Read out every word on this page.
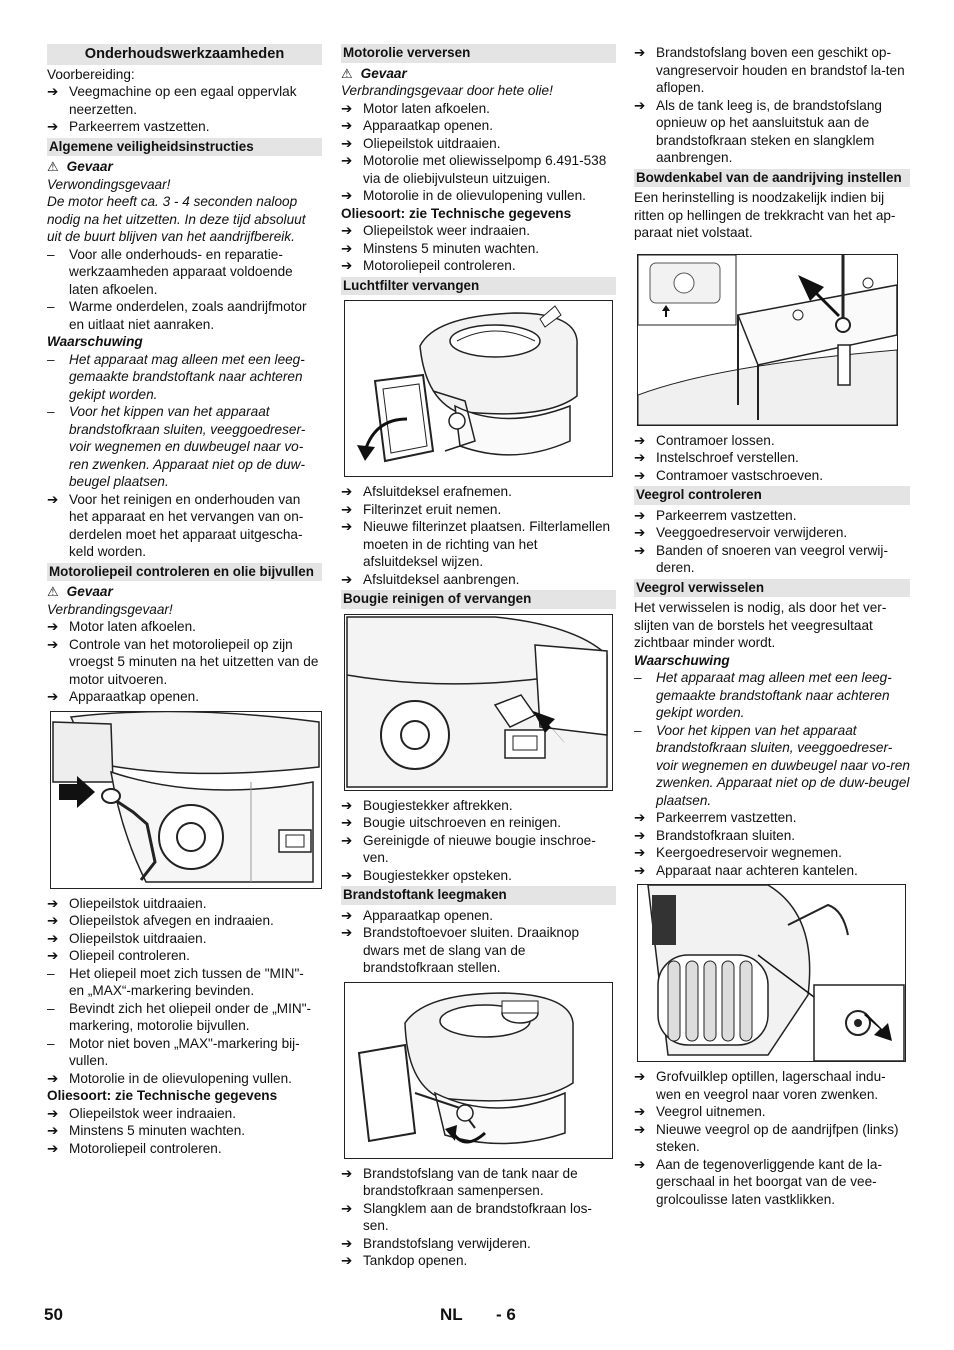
Onderhoudswerkzaamheden

Voorbereiding:

➔ Veegmachine op een egaal oppervlak neerzetten.
➔ Parkeerrem vastzetten.
Algemene veiligheidsinstructies
⚠ Gevaar
Verwondingsgevaar!
De motor heeft ca. 3 - 4 seconden naloop nodig na het uitzetten. In deze tijd absoluut uit de buurt blijven van het aandrijfbereik.
–	Voor alle onderhouds- en reparatie-werkzaamheden apparaat voldoende laten afkoelen.
–	Warme onderdelen, zoals aandrijfmotor en uitlaat niet aanraken.
Waarschuwing
–	Het apparaat mag alleen met een leeg-gemaakte brandstoftank naar achteren gekipt worden.
–	Voor het kippen van het apparaat brandstofkraan sluiten, veeggoedreser-voir wegnemen en duwbeugel naar vo-ren zwenken. Apparaat niet op de duw-beugel plaatsen.
➔ Voor het reinigen en onderhouden van het apparaat en het vervangen van on-derdelen moet het apparaat uitgescha-keld worden.
Motoroliepeil controleren en olie bijvullen
⚠ Gevaar
Verbrandingsgevaar!
➔ Motor laten afkoelen.
➔ Controle van het motoroliepeil op zijn vroegst 5 minuten na het uitzetten van de motor uitvoeren.
➔ Apparaatkap openen.
➔ Oliepeilstok uitdraaien.
➔ Oliepeilstok afvegen en indraaien.
➔ Oliepeilstok uitdraaien.
➔ Oliepeil controleren.
–	Het oliepeil moet zich tussen de "MIN"- en „MAX“-markering bevinden.
–	Bevindt zich het oliepeil onder de „MIN"-markering, motorolie bijvullen.
–	Motor niet boven „MAX"-markering bij-vullen.
➔ Motorolie in de olievulopening vullen.
Oliesoort: zie Technische gegevens
➔ Oliepeilstok weer indraaien.
➔ Minstens 5 minuten wachten.
➔ Motoroliepeil controleren.
Motorolie verversen
⚠ Gevaar
Verbrandingsgevaar door hete olie!
➔ Motor laten afkoelen.
➔ Apparaatkap openen.
➔ Oliepeilstok uitdraaien.
➔ Motorolie met oliewisselpomp 6.491-538 via de oliebijvulsteun uitzuigen.
➔ Motorolie in de olievulopening vullen.
Oliesoort: zie Technische gegevens
➔ Oliepeilstok weer indraaien.
➔ Minstens 5 minuten wachten.
➔ Motoroliepeil controleren.
Luchtfilter vervangen
➔ Afsluitdeksel erafnemen.
➔ Filterinzet eruit nemen.
➔ Nieuwe filterinzet plaatsen. Filterlamellen moeten in de richting van het afsluitdeksel wijzen.
➔ Afsluitdeksel aanbrengen.
Bougie reinigen of vervangen
➔ Bougiestekker aftrekken.
➔ Bougie uitschroeven en reinigen.
➔ Gereinigde of nieuwe bougie inschroe-ven.
➔ Bougiestekker opsteken.
Brandstoftank leegmaken
➔ Apparaatkap openen.
➔ Brandstoftoevoer sluiten. Draaiknop dwars met de slang van de brandstofkraan stellen.
➔ Brandstofslang van de tank naar de brandstofkraan samenpersen.
➔ Slangklem aan de brandstofkraan los-sen.
➔ Brandstofslang verwijderen.
➔ Tankdop openen.
➔ Brandstofslang boven een geschikt op-vangreservoir houden en brandstof la-ten aflopen.
➔ Als de tank leeg is, de brandstofslang opnieuw op het aansluitstuk aan de brandstofkraan steken en slangklem aanbrengen.
Bowdenkabel van de aandrijving instellen

Een herinstelling is noodzakelijk indien bij ritten op hellingen de trekkracht van het ap-paraat niet volstaat.

➔ Contramoer lossen.
➔ Instelschroef verstellen.
➔ Contramoer vastschroeven.
Veegrol controleren
➔ Parkeerrem vastzetten.
➔ Veeggoedreservoir verwijderen.
➔ Banden of snoeren van veegrol verwij-deren.
Veegrol verwisselen

Het verwisselen is nodig, als door het ver-slijten van de borstels het veegresultaat zichtbaar minder wordt.

Waarschuwing
–	Het apparaat mag alleen met een leeg-gemaakte brandstoftank naar achteren gekipt worden.
–	Voor het kippen van het apparaat brandstofkraan sluiten, veeggoedreser-voir wegnemen en duwbeugel naar vo-ren zwenken. Apparaat niet op de duw-beugel plaatsen.
➔ Parkeerrem vastzetten.
➔ Brandstofkraan sluiten.
➔ Keergoedreservoir wegnemen.
➔ Apparaat naar achteren kantelen.
➔ Grofvuilklep optillen, lagerschaal indu-wen en veegrol naar voren zwenken.
➔ Veegrol uitnemen.
➔ Nieuwe veegrol op de aandrijfpen (links) steken.
➔ Aan de tegenoverliggende kant de la-gerschaal in het boorgat van de vee-grolcoulisse laten vastklikken.
50	NL - 6
